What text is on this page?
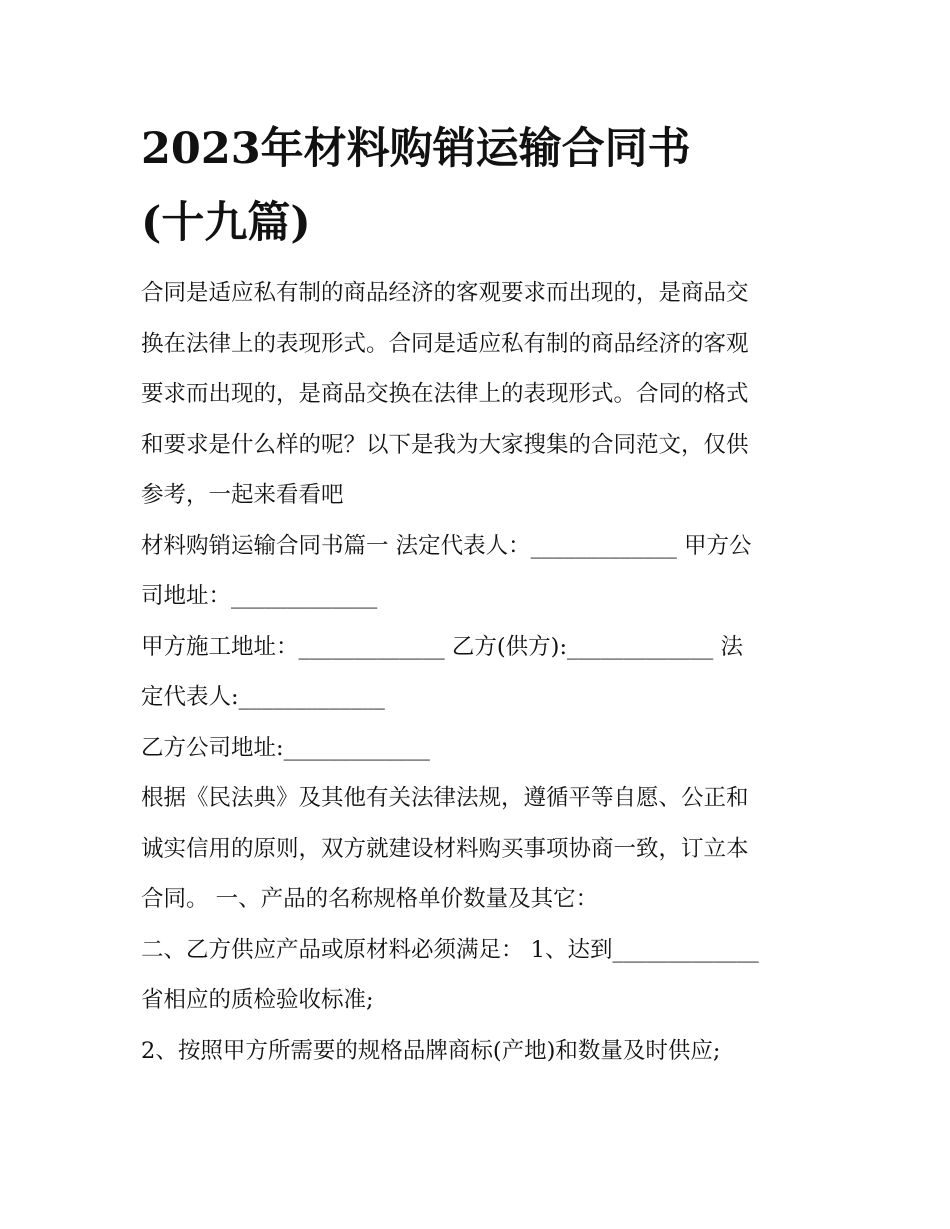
2023年材料购销运输合同书
(十九篇)

合同是适应私有制的商品经济的客观要求而出现的，是商品交
换在法律上的表现形式。合同是适应私有制的商品经济的客观
要求而出现的，是商品交换在法律上的表现形式。合同的格式
和要求是什么样的呢？以下是我为大家搜集的合同范文，仅供
参考，一起来看看吧

材料购销运输合同书篇一 法定代表人：_____________ 甲方公
司地址：_____________

甲方施工地址：_____________ 乙方(供方):_____________ 法
定代表人:_____________

乙方公司地址:_____________

根据《民法典》及其他有关法律法规，遵循平等自愿、公正和
诚实信用的原则，双方就建设材料购买事项协商一致，订立本
合同。 一、产品的名称规格单价数量及其它：

二、乙方供应产品或原材料必须满足： 1、达到_____________
省相应的质检验收标准;

2、按照甲方所需要的规格品牌商标(产地)和数量及时供应;
